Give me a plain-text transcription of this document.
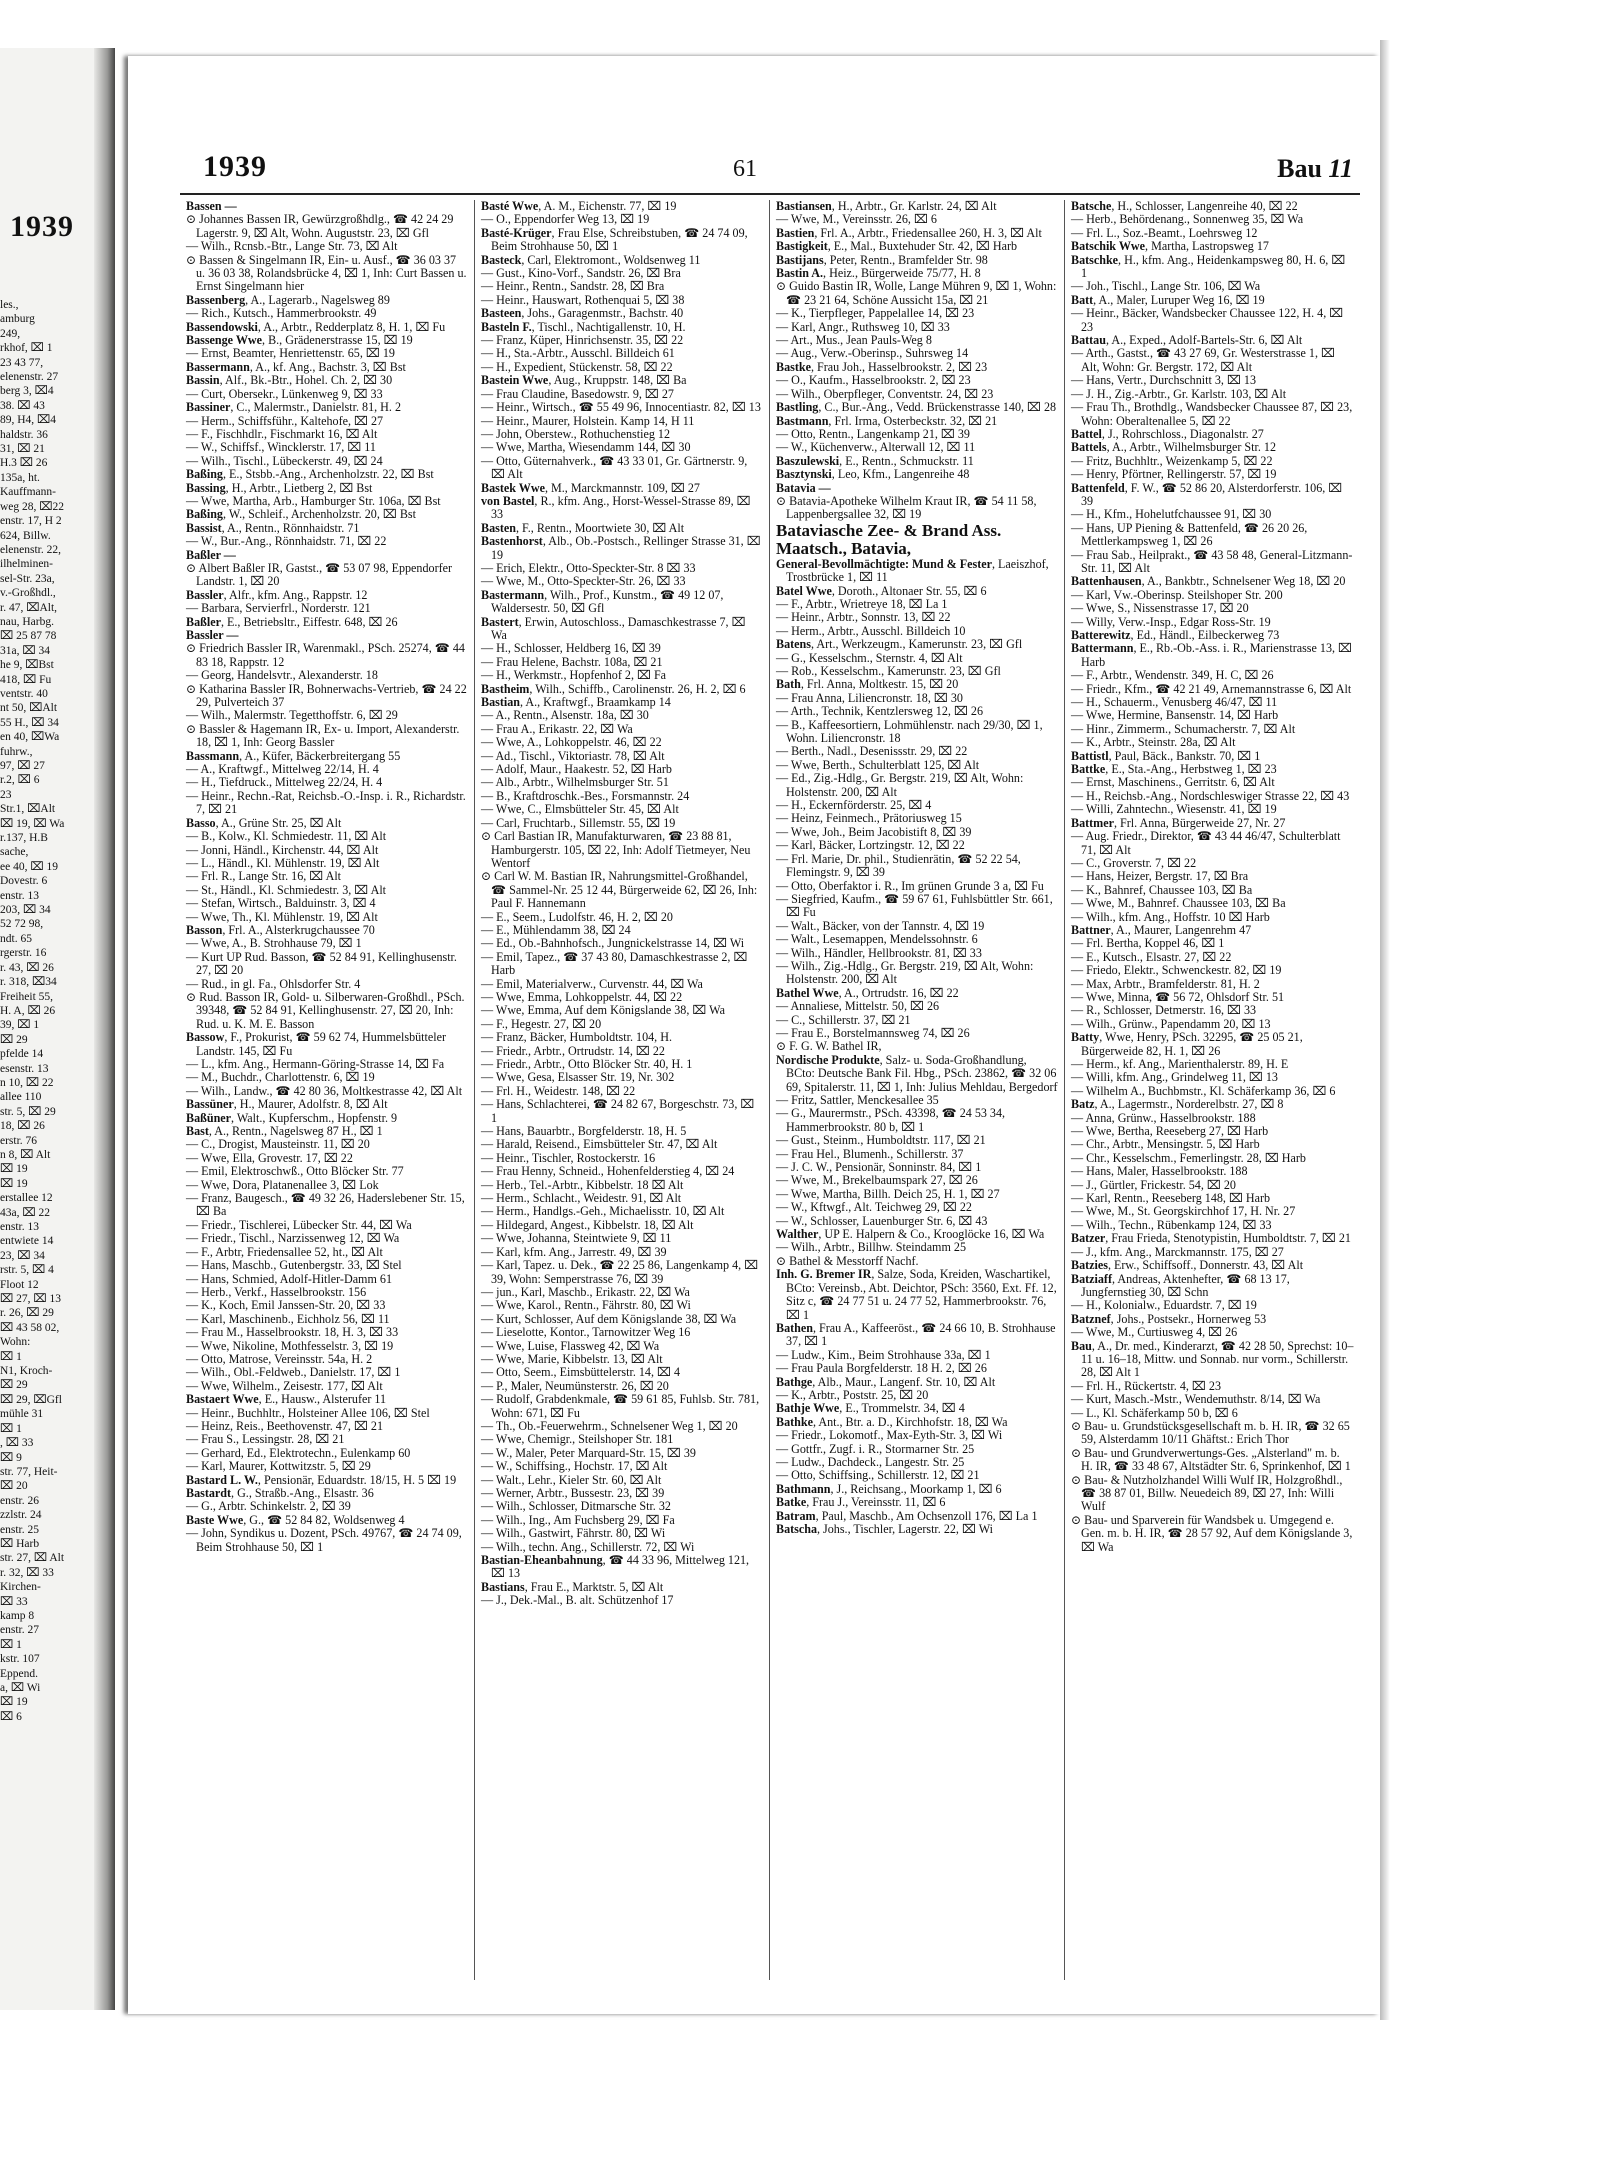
1939
les.,
amburg
249,
rkhof, ⌧ 1
23 43 77,
elenenstr. 27
berg 3, ⌧4
38. ⌧ 43
89, H4, ⌧4
haldstr. 36
31, ⌧ 21
H.3 ⌧ 26
135a, ht.
Kauffmann-
weg 28, ⌧22
enstr. 17, H 2
624, Billw.
elenenstr. 22,
ilhelminen-
sel-Str. 23a,
v.-Großhdl.,
r. 47, ⌧Alt,
nau, Harbg.
⌧ 25 87 78
31a, ⌧ 34
he 9, ⌧Bst
418, ⌧ Fu
ventstr. 40
nt 50, ⌧Alt
55 H., ⌧ 34
en 40, ⌧Wa
fuhrw.,
97, ⌧ 27
r.2, ⌧ 6
23
Str.1, ⌧Alt
⌧ 19, ⌧ Wa
r.137, H.B
sache,
ee 40, ⌧ 19
Dovestr. 6
enstr. 13
203, ⌧ 34
52 72 98,
ndt. 65
rgerstr. 16
r. 43, ⌧ 26
r. 318, ⌧34
Freiheit 55,
H. A, ⌧ 26
39, ⌧ 1
⌧ 29
pfelde 14
esenstr. 13
n 10, ⌧ 22
allee 110
str. 5, ⌧ 29
18, ⌧ 26
erstr. 76
n 8, ⌧ Alt
⌧ 19
⌧ 19
erstallee 12
43a, ⌧ 22
enstr. 13
entwiete 14
23, ⌧ 34
rstr. 5, ⌧ 4
Floot 12
⌧ 27, ⌧ 13
r. 26, ⌧ 29
⌧ 43 58 02,
Wohn:
⌧ 1
N1, Kroch-
⌧ 29
⌧ 29, ⌧Gfl
mühle 31
⌧ 1
, ⌧ 33
⌧ 9
str. 77, Heit-
⌧ 20
enstr. 26
zzlstr. 24
enstr. 25
⌧ Harb
str. 27, ⌧ Alt
r. 32, ⌧ 33
Kirchen-
⌧ 33
kamp 8
enstr. 27
⌧ 1
kstr. 107
Eppend.
a, ⌧ Wi
⌧ 19
⌧ 6
1939	61	Bau 11

Bassen —

⊙ Johannes Bassen IR, Gewürzgroßhdlg., ☎ 42 24 29 Lagerstr. 9, ⌧ Alt, Wohn. Auguststr. 23, ⌧ Gfl

— Wilh., Rcnsb.-Btr., Lange Str. 73, ⌧ Alt

⊙ Bassen & Singelmann IR, Ein- u. Ausf., ☎ 36 03 37 u. 36 03 38, Rolandsbrücke 4, ⌧ 1, Inh: Curt Bassen u. Ernst Singelmann hier

Bassenberg, A., Lagerarb., Nagelsweg 89

— Rich., Kutsch., Hammerbrookstr. 49

Bassendowski, A., Arbtr., Redderplatz 8, H. 1, ⌧ Fu

Bassenge Wwe, B., Grädenerstrasse 15, ⌧ 19

— Ernst, Beamter, Henriettenstr. 65, ⌧ 19

Bassermann, A., kf. Ang., Bachstr. 3, ⌧ Bst

Bassin, Alf., Bk.-Btr., Hohel. Ch. 2, ⌧ 30

— Curt, Obersekr., Lünkenweg 9, ⌧ 33

Bassiner, C., Malermstr., Danielstr. 81, H. 2

— Herm., Schiffsführ., Kaltehofe, ⌧ 27

— F., Fischhdlr., Fischmarkt 16, ⌧ Alt

— W., Schiffsf., Wincklerstr. 17, ⌧ 11

— Wilh., Tischl., Lübeckerstr. 49, ⌧ 24

Baßing, E., Stsbb.-Ang., Archenholzstr. 22, ⌧ Bst

Bassing, H., Arbtr., Lietberg 2, ⌧ Bst

— Wwe, Martha, Arb., Hamburger Str. 106a, ⌧ Bst

Baßing, W., Schleif., Archenholzstr. 20, ⌧ Bst

Bassist, A., Rentn., Rönnhaidstr. 71

— W., Bur.-Ang., Rönnhaidstr. 71, ⌧ 22

Baßler —

⊙ Albert Baßler IR, Gastst., ☎ 53 07 98, Eppendorfer Landstr. 1, ⌧ 20

Bassler, Alfr., kfm. Ang., Rappstr. 12

— Barbara, Servierfrl., Norderstr. 121

Baßler, E., Betriebsltr., Eiffestr. 648, ⌧ 26

Bassler —

⊙ Friedrich Bassler IR, Warenmakl., PSch. 25274, ☎ 44 83 18, Rappstr. 12

— Georg, Handelsvtr., Alexanderstr. 18

⊙ Katharina Bassler IR, Bohnerwachs-Vertrieb, ☎ 24 22 29, Pulverteich 37

— Wilh., Malermstr. Tegetthoffstr. 6, ⌧ 29

⊙ Bassler & Hagemann IR, Ex- u. Import, Alexanderstr. 18, ⌧ 1, Inh: Georg Bassler

Bassmann, A., Küfer, Bäckerbreitergang 55

— A., Kraftwgf., Mittelweg 22/14, H. 4

— H., Tiefdruck., Mittelweg 22/24, H. 4

— Heinr., Rechn.-Rat, Reichsb.-O.-Insp. i. R., Richardstr. 7, ⌧ 21

Basso, A., Grüne Str. 25, ⌧ Alt

— B., Kolw., Kl. Schmiedestr. 11, ⌧ Alt

— Jonni, Händl., Kirchenstr. 44, ⌧ Alt

— L., Händl., Kl. Mühlenstr. 19, ⌧ Alt

— Frl. R., Lange Str. 16, ⌧ Alt

— St., Händl., Kl. Schmiedestr. 3, ⌧ Alt

— Stefan, Wirtsch., Balduinstr. 3, ⌧ 4

— Wwe, Th., Kl. Mühlenstr. 19, ⌧ Alt

Basson, Frl. A., Alsterkrugchaussee 70

— Wwe, A., B. Strohhause 79, ⌧ 1

— Kurt UP Rud. Basson, ☎ 52 84 91, Kellinghusenstr. 27, ⌧ 20

— Rud., in gl. Fa., Ohlsdorfer Str. 4

⊙ Rud. Basson IR, Gold- u. Silberwaren-Großhdl., PSch. 39348, ☎ 52 84 91, Kellinghusenstr. 27, ⌧ 20, Inh: Rud. u. K. M. E. Basson

Bassow, F., Prokurist, ☎ 59 62 74, Hummelsbütteler Landstr. 145, ⌧ Fu

— L., kfm. Ang., Hermann-Göring-Strasse 14, ⌧ Fa

— M., Buchdr., Charlottenstr. 6, ⌧ 19

— Wilh., Landw., ☎ 42 80 36, Moltkestrasse 42, ⌧ Alt

Bassüner, H., Maurer, Adolfstr. 8, ⌧ Alt

Baßüner, Walt., Kupferschm., Hopfenstr. 9

Bast, A., Rentn., Nagelsweg 87 H., ⌧ 1

— C., Drogist, Mausteinstr. 11, ⌧ 20

— Wwe, Ella, Grovestr. 17, ⌧ 22

— Emil, Elektroschwß., Otto Blöcker Str. 77

— Wwe, Dora, Platanenallee 3, ⌧ Lok

— Franz, Baugesch., ☎ 49 32 26, Haderslebener Str. 15, ⌧ Ba

— Friedr., Tischlerei, Lübecker Str. 44, ⌧ Wa

— Friedr., Tischl., Narzissenweg 12, ⌧ Wa

— F., Arbtr, Friedensallee 52, ht., ⌧ Alt

— Hans, Maschb., Gutenbergstr. 33, ⌧ Stel

— Hans, Schmied, Adolf-Hitler-Damm 61

— Herb., Verkf., Hasselbrookstr. 156

— K., Koch, Emil Janssen-Str. 20, ⌧ 33

— Karl, Maschinenb., Eichholz 56, ⌧ 11

— Frau M., Hasselbrookstr. 18, H. 3, ⌧ 33

— Wwe, Nikoline, Mothfesselstr. 3, ⌧ 19

— Otto, Matrose, Vereinsstr. 54a, H. 2

— Wilh., Obl.-Feldweb., Danielstr. 17, ⌧ 1

— Wwe, Wilhelm., Zeisestr. 177, ⌧ Alt

Bastaert Wwe, E., Hausw., Alsterufer 11

— Heinr., Buchhltr., Holsteiner Allee 106, ⌧ Stel

— Heinz, Reis., Beethovenstr. 47, ⌧ 21

— Frau S., Lessingstr. 28, ⌧ 21

— Gerhard, Ed., Elektrotechn., Eulenkamp 60

— Karl, Maurer, Kottwitzstr. 5, ⌧ 29

Bastard L. W., Pensionär, Eduardstr. 18/15, H. 5 ⌧ 19

Bastardt, G., Straßb.-Ang., Elsastr. 36

— G., Arbtr. Schinkelstr. 2, ⌧ 39

Baste Wwe, G., ☎ 52 84 82, Woldsenweg 4

— John, Syndikus u. Dozent, PSch. 49767, ☎ 24 74 09, Beim Strohhause 50, ⌧ 1

Basté Wwe, A. M., Eichenstr. 77, ⌧ 19

— O., Eppendorfer Weg 13, ⌧ 19

Basté-Krüger, Frau Else, Schreibstuben, ☎ 24 74 09, Beim Strohhause 50, ⌧ 1

Basteck, Carl, Elektromont., Woldsenweg 11

— Gust., Kino-Vorf., Sandstr. 26, ⌧ Bra

— Heinr., Rentn., Sandstr. 28, ⌧ Bra

— Heinr., Hauswart, Rothenquai 5, ⌧ 38

Basteen, Johs., Garagenmstr., Bachstr. 40

Basteln F., Tischl., Nachtigallenstr. 10, H.

— Franz, Küper, Hinrichsenstr. 35, ⌧ 22

— H., Sta.-Arbtr., Ausschl. Billdeich 61

— H., Expedient, Stückenstr. 58, ⌧ 22

Bastein Wwe, Aug., Kruppstr. 148, ⌧ Ba

— Frau Claudine, Basedowstr. 9, ⌧ 27

— Heinr., Wirtsch., ☎ 55 49 96, Innocentiastr. 82, ⌧ 13

— Heinr., Maurer, Holstein. Kamp 14, H 11

— John, Oberstew., Rothuchenstieg 12

— Wwe, Martha, Wiesendamm 144, ⌧ 30

— Otto, Güternahverk., ☎ 43 33 01, Gr. Gärtnerstr. 9, ⌧ Alt

Bastek Wwe, M., Marckmannstr. 109, ⌧ 27

von Bastel, R., kfm. Ang., Horst-Wessel-Strasse 89, ⌧ 33

Basten, F., Rentn., Moortwiete 30, ⌧ Alt

Bastenhorst, Alb., Ob.-Postsch., Rellinger Strasse 31, ⌧ 19

— Erich, Elektr., Otto-Speckter-Str. 8 ⌧ 33

— Wwe, M., Otto-Speckter-Str. 26, ⌧ 33

Bastermann, Wilh., Prof., Kunstm., ☎ 49 12 07, Waldersestr. 50, ⌧ Gfl

Bastert, Erwin, Autoschloss., Damaschkestrasse 7, ⌧ Wa

— H., Schlosser, Heldberg 16, ⌧ 39

— Frau Helene, Bachstr. 108a, ⌧ 21

— H., Werkmstr., Hopfenhof 2, ⌧ Fa

Bastheim, Wilh., Schiffb., Carolinenstr. 26, H. 2, ⌧ 6

Bastian, A., Kraftwgf., Braamkamp 14

— A., Rentn., Alsenstr. 18a, ⌧ 30

— Frau A., Erikastr. 22, ⌧ Wa

— Wwe, A., Lohkoppelstr. 46, ⌧ 22

— Ad., Tischl., Viktoriastr. 78, ⌧ Alt

— Adolf, Maur., Haakestr. 52, ⌧ Harb

— Alb., Arbtr., Wilhelmsburger Str. 51

— B., Kraftdroschk.-Bes., Forsmannstr. 24

— Wwe, C., Elmsbütteler Str. 45, ⌧ Alt

— Carl, Fruchtarb., Sillemstr. 55, ⌧ 19

⊙ Carl Bastian IR, Manufakturwaren, ☎ 23 88 81, Hamburgerstr. 105, ⌧ 22, Inh: Adolf Tietmeyer, Neu Wentorf

⊙ Carl W. M. Bastian IR, Nahrungsmittel-Großhandel, ☎ Sammel-Nr. 25 12 44, Bürgerweide 62, ⌧ 26, Inh: Paul F. Hannemann

— E., Seem., Ludolfstr. 46, H. 2, ⌧ 20

— E., Mühlendamm 38, ⌧ 24

— Ed., Ob.-Bahnhofsch., Jungnickelstrasse 14, ⌧ Wi

— Emil, Tapez., ☎ 37 43 80, Damaschkestrasse 2, ⌧ Harb

— Emil, Materialverw., Curvenstr. 44, ⌧ Wa

— Wwe, Emma, Lohkoppelstr. 44, ⌧ 22

— Wwe, Emma, Auf dem Königslande 38, ⌧ Wa

— F., Hegestr. 27, ⌧ 20

— Franz, Bäcker, Humboldtstr. 104, H.

— Friedr., Arbtr., Ortrudstr. 14, ⌧ 22

— Friedr., Arbtr., Otto Blöcker Str. 40, H. 1

— Wwe, Gesa, Elsasser Str. 19, Nr. 302

— Frl. H., Weidestr. 148, ⌧ 22

— Hans, Schlachterei, ☎ 24 82 67, Borgeschstr. 73, ⌧ 1

— Hans, Bauarbtr., Borgfelderstr. 18, H. 5

— Harald, Reisend., Eimsbütteler Str. 47, ⌧ Alt

— Heinr., Tischler, Rostockerstr. 16

— Frau Henny, Schneid., Hohenfelderstieg 4, ⌧ 24

— Herb., Tel.-Arbtr., Kibbelstr. 18 ⌧ Alt

— Herm., Schlacht., Weidestr. 91, ⌧ Alt

— Herm., Handlgs.-Geh., Michaelisstr. 10, ⌧ Alt

— Hildegard, Angest., Kibbelstr. 18, ⌧ Alt

— Wwe, Johanna, Steintwiete 9, ⌧ 11

— Karl, kfm. Ang., Jarrestr. 49, ⌧ 39

— Karl, Tapez. u. Dek., ☎ 22 25 86, Langenkamp 4, ⌧ 39, Wohn: Semperstrasse 76, ⌧ 39

— jun., Karl, Maschb., Erikastr. 22, ⌧ Wa

— Wwe, Karol., Rentn., Fährstr. 80, ⌧ Wi

— Kurt, Schlosser, Auf dem Königslande 38, ⌧ Wa

— Lieselotte, Kontor., Tarnowitzer Weg 16

— Wwe, Luise, Flassweg 42, ⌧ Wa

— Wwe, Marie, Kibbelstr. 13, ⌧ Alt

— Otto, Seem., Eimsbüttelerstr. 14, ⌧ 4

— P., Maler, Neumünsterstr. 26, ⌧ 20

— Rudolf, Grabdenkmale, ☎ 59 61 85, Fuhlsb. Str. 781, Wohn: 671, ⌧ Fu

— Th., Ob.-Feuerwehrm., Schnelsener Weg 1, ⌧ 20

— Wwe, Chemigr., Steilshoper Str. 181

— W., Maler, Peter Marquard-Str. 15, ⌧ 39

— W., Schiffsing., Hochstr. 17, ⌧ Alt

— Walt., Lehr., Kieler Str. 60, ⌧ Alt

— Werner, Arbtr., Bussestr. 23, ⌧ 39

— Wilh., Schlosser, Ditmarsche Str. 32

— Wilh., Ing., Am Fuchsberg 29, ⌧ Fa

— Wilh., Gastwirt, Fährstr. 80, ⌧ Wi

— Wilh., techn. Ang., Schillerstr. 72, ⌧ Wi

Bastian-Eheanbahnung, ☎ 44 33 96, Mittelweg 121, ⌧ 13

Bastians, Frau E., Marktstr. 5, ⌧ Alt

— J., Dek.-Mal., B. alt. Schützenhof 17

Bastiansen, H., Arbtr., Gr. Karlstr. 24, ⌧ Alt

— Wwe, M., Vereinsstr. 26, ⌧ 6

Bastien, Frl. A., Arbtr., Friedensallee 260, H. 3, ⌧ Alt

Bastigkeit, E., Mal., Buxtehuder Str. 42, ⌧ Harb

Bastijans, Peter, Rentn., Bramfelder Str. 98

Bastin A., Heiz., Bürgerweide 75/77, H. 8

⊙ Guido Bastin IR, Wolle, Lange Mühren 9, ⌧ 1, Wohn: ☎ 23 21 64, Schöne Aussicht 15a, ⌧ 21

— K., Tierpfleger, Pappelallee 14, ⌧ 23

— Karl, Angr., Ruthsweg 10, ⌧ 33

— Art., Mus., Jean Pauls-Weg 8

— Aug., Verw.-Oberinsp., Suhrsweg 14

Bastke, Frau Joh., Hasselbrookstr. 2, ⌧ 23

— O., Kaufm., Hasselbrookstr. 2, ⌧ 23

— Wilh., Oberpfleger, Conventstr. 24, ⌧ 23

Bastling, C., Bur.-Ang., Vedd. Brückenstrasse 140, ⌧ 28

Bastmann, Frl. Irma, Osterbeckstr. 32, ⌧ 21

— Otto, Rentn., Langenkamp 21, ⌧ 39

— W., Küchenverw., Alterwall 12, ⌧ 11

Baszulewski, E., Rentn., Schmuckstr. 11

Basztynski, Leo, Kfm., Langenreihe 48

Batavia —

⊙ Batavia-Apotheke Wilhelm Kraut IR, ☎ 54 11 58, Lappenbergsallee 32, ⌧ 19

Bataviasche Zee- & Brand Ass. Maatsch., Batavia,

General-Bevollmächtigte: Mund & Fester, Laeiszhof, Trostbrücke 1, ⌧ 11

Batel Wwe, Doroth., Altonaer Str. 55, ⌧ 6

— F., Arbtr., Wrietreye 18, ⌧ La 1

— Heinr., Arbtr., Sonnstr. 13, ⌧ 22

— Herm., Arbtr., Ausschl. Billdeich 10

Batens, Art., Werkzeugm., Kamerunstr. 23, ⌧ Gfl

— G., Kesselschm., Sternstr. 4, ⌧ Alt

— Rob., Kesselschm., Kamerunstr. 23, ⌧ Gfl

Bath, Frl. Anna, Moltkestr. 15, ⌧ 20

— Frau Anna, Liliencronstr. 18, ⌧ 30

— Arth., Technik, Kentzlersweg 12, ⌧ 26

— B., Kaffeesortiern, Lohmühlenstr. nach 29/30, ⌧ 1, Wohn. Liliencronstr. 18

— Berth., Nadl., Desenissstr. 29, ⌧ 22

— Wwe, Berth., Schulterblatt 125, ⌧ Alt

— Ed., Zig.-Hdlg., Gr. Bergstr. 219, ⌧ Alt, Wohn: Holstenstr. 200, ⌧ Alt

— H., Eckernförderstr. 25, ⌧ 4

— Heinz, Feinmech., Prätoriusweg 15

— Wwe, Joh., Beim Jacobistift 8, ⌧ 39

— Karl, Bäcker, Lortzingstr. 12, ⌧ 22

— Frl. Marie, Dr. phil., Studienrätin, ☎ 52 22 54, Flemingstr. 9, ⌧ 39

— Otto, Oberfaktor i. R., Im grünen Grunde 3 a, ⌧ Fu

— Siegfried, Kaufm., ☎ 59 67 61, Fuhlsbüttler Str. 661, ⌧ Fu

— Walt., Bäcker, von der Tannstr. 4, ⌧ 19

— Walt., Lesemappen, Mendelssohnstr. 6

— Wilh., Händler, Hellbrookstr. 81, ⌧ 33

— Wilh., Zig.-Hdlg., Gr. Bergstr. 219, ⌧ Alt, Wohn: Holstenstr. 200, ⌧ Alt

Bathel Wwe, A., Ortrudstr. 16, ⌧ 22

— Annaliese, Mittelstr. 50, ⌧ 26

— C., Schillerstr. 37, ⌧ 21

— Frau E., Borstelmannsweg 74, ⌧ 26

⊙ F. G. W. Bathel IR,

Nordische Produkte, Salz- u. Soda-Großhandlung, BCto: Deutsche Bank Fil. Hbg., PSch. 23862, ☎ 32 06 69, Spitalerstr. 11, ⌧ 1, Inh: Julius Mehldau, Bergedorf

— Fritz, Sattler, Menckesallee 35

— G., Maurermstr., PSch. 43398, ☎ 24 53 34, Hammerbrookstr. 80 b, ⌧ 1

— Gust., Steinm., Humboldtstr. 117, ⌧ 21

— Frau Hel., Blumenh., Schillerstr. 37

— J. C. W., Pensionär, Sonninstr. 84, ⌧ 1

— Wwe, M., Brekelbaumspark 27, ⌧ 26

— Wwe, Martha, Billh. Deich 25, H. 1, ⌧ 27

— W., Kftwgf., Alt. Teichweg 29, ⌧ 22

— W., Schlosser, Lauenburger Str. 6, ⌧ 43

Walther, UP E. Halpern & Co., Krooglöcke 16, ⌧ Wa

— Wilh., Arbtr., Billhw. Steindamm 25

⊙ Bathel & Messtorff Nachf.

Inh. G. Bremer IR, Salze, Soda, Kreiden, Waschartikel, BCto: Vereinsb., Abt. Deichtor, PSch: 3560, Ext. Ff. 12, Sitz c, ☎ 24 77 51 u. 24 77 52, Hammerbrookstr. 76, ⌧ 1

Bathen, Frau A., Kaffeeröst., ☎ 24 66 10, B. Strohhause 37, ⌧ 1

— Ludw., Kim., Beim Strohhause 33a, ⌧ 1

— Frau Paula Borgfelderstr. 18 H. 2, ⌧ 26

Bathge, Alb., Maur., Langenf. Str. 10, ⌧ Alt

— K., Arbtr., Poststr. 25, ⌧ 20

Bathje Wwe, E., Trommelstr. 34, ⌧ 4

Bathke, Ant., Btr. a. D., Kirchhofstr. 18, ⌧ Wa

— Friedr., Lokomotf., Max-Eyth-Str. 3, ⌧ Wi

— Gottfr., Zugf. i. R., Stormarner Str. 25

— Ludw., Dachdeck., Langestr. Str. 25

— Otto, Schiffsing., Schillerstr. 12, ⌧ 21

Bathmann, J., Reichsang., Moorkamp 1, ⌧ 6

Batke, Frau J., Vereinsstr. 11, ⌧ 6

Batram, Paul, Maschb., Am Ochsenzoll 176, ⌧ La 1

Batscha, Johs., Tischler, Lagerstr. 22, ⌧ Wi

Batsche, H., Schlosser, Langenreihe 40, ⌧ 22

— Herb., Behördenang., Sonnenweg 35, ⌧ Wa

— Frl. L., Soz.-Beamt., Loehrsweg 12

Batschik Wwe, Martha, Lastropsweg 17

Batschke, H., kfm. Ang., Heidenkampsweg 80, H. 6, ⌧ 1

— Joh., Tischl., Lange Str. 106, ⌧ Wa

Batt, A., Maler, Luruper Weg 16, ⌧ 19

— Heinr., Bäcker, Wandsbecker Chaussee 122, H. 4, ⌧ 23

Battau, A., Exped., Adolf-Bartels-Str. 6, ⌧ Alt

— Arth., Gastst., ☎ 43 27 69, Gr. Westerstrasse 1, ⌧ Alt, Wohn: Gr. Bergstr. 172, ⌧ Alt

— Hans, Vertr., Durchschnitt 3, ⌧ 13

— J. H., Zig.-Arbtr., Gr. Karlstr. 103, ⌧ Alt

— Frau Th., Brothdlg., Wandsbecker Chaussee 87, ⌧ 23, Wohn: Oberaltenallee 5, ⌧ 22

Battel, J., Rohrschloss., Diagonalstr. 27

Battels, A., Arbtr., Wilhelmsburger Str. 12

— Fritz, Buchhltr., Weizenkamp 5, ⌧ 22

— Henry, Pförtner, Rellingerstr. 57, ⌧ 19

Battenfeld, F. W., ☎ 52 86 20, Alsterdorferstr. 106, ⌧ 39

— H., Kfm., Hohelutfchaussee 91, ⌧ 30

— Hans, UP Piening & Battenfeld, ☎ 26 20 26, Mettlerkampsweg 1, ⌧ 26

— Frau Sab., Heilprakt., ☎ 43 58 48, General-Litzmann-Str. 11, ⌧ Alt

Battenhausen, A., Bankbtr., Schnelsener Weg 18, ⌧ 20

— Karl, Vw.-Oberinsp. Steilshoper Str. 200

— Wwe, S., Nissenstrasse 17, ⌧ 20

— Willy, Verw.-Insp., Edgar Ross-Str. 19

Batterewitz, Ed., Händl., Eilbeckerweg 73

Battermann, E., Rb.-Ob.-Ass. i. R., Marienstrasse 13, ⌧ Harb

— F., Arbtr., Wendenstr. 349, H. C, ⌧ 26

— Friedr., Kfm., ☎ 42 21 49, Arnemannstrasse 6, ⌧ Alt

— H., Schauerm., Venusberg 46/47, ⌧ 11

— Wwe, Hermine, Bansenstr. 14, ⌧ Harb

— Hinr., Zimmerm., Schumacherstr. 7, ⌧ Alt

— K., Arbtr., Steinstr. 28a, ⌧ Alt

Battistl, Paul, Bäck., Bankstr. 70, ⌧ 1

Battke, E., Sta.-Ang., Herbstweg 1, ⌧ 23

— Ernst, Maschinens., Gerritstr. 6, ⌧ Alt

— H., Reichsb.-Ang., Nordschleswiger Strasse 22, ⌧ 43

— Willi, Zahntechn., Wiesenstr. 41, ⌧ 19

Battmer, Frl. Anna, Bürgerweide 27, Nr. 27

— Aug. Friedr., Direktor, ☎ 43 44 46/47, Schulterblatt 71, ⌧ Alt

— C., Groverstr. 7, ⌧ 22

— Hans, Heizer, Bergstr. 17, ⌧ Bra

— K., Bahnref, Chaussee 103, ⌧ Ba

— Wwe, M., Bahnref. Chaussee 103, ⌧ Ba

— Wilh., kfm. Ang., Hoffstr. 10 ⌧ Harb

Battner, A., Maurer, Langenrehm 47

— Frl. Bertha, Koppel 46, ⌧ 1

— E., Kutsch., Elsastr. 27, ⌧ 22

— Friedo, Elektr., Schwenckestr. 82, ⌧ 19

— Max, Arbtr., Bramfelderstr. 81, H. 2

— Wwe, Minna, ☎ 56 72, Ohlsdorf Str. 51

— R., Schlosser, Detmerstr. 16, ⌧ 33

— Wilh., Grünw., Papendamm 20, ⌧ 13

Batty, Wwe, Henry, PSch. 32295, ☎ 25 05 21, Bürgerweide 82, H. 1, ⌧ 26

— Herm., kf. Ang., Marienthalerstr. 89, H. E

— Willi, kfm. Ang., Grindelweg 11, ⌧ 13

— Wilhelm A., Buchbmstr., Kl. Schäferkamp 36, ⌧ 6

Batz, A., Lagermstr., Norderelbstr. 27, ⌧ 8

— Anna, Grünw., Hasselbrookstr. 188

— Wwe, Bertha, Reeseberg 27, ⌧ Harb

— Chr., Arbtr., Mensingstr. 5, ⌧ Harb

— Chr., Kesselschm., Femerlingstr. 28, ⌧ Harb

— Hans, Maler, Hasselbrookstr. 188

— J., Gürtler, Frickestr. 54, ⌧ 20

— Karl, Rentn., Reeseberg 148, ⌧ Harb

— Wwe, M., St. Georgskirchhof 17, H. Nr. 27

— Wilh., Techn., Rübenkamp 124, ⌧ 33

Batzer, Frau Frieda, Stenotypistin, Humboldtstr. 7, ⌧ 21

— J., kfm. Ang., Marckmannstr. 175, ⌧ 27

Batzies, Erw., Schiffsoff., Donnerstr. 43, ⌧ Alt

Batziaff, Andreas, Aktenhefter, ☎ 68 13 17, Jungfernstieg 30, ⌧ Schn

— H., Kolonialw., Eduardstr. 7, ⌧ 19

Batznef, Johs., Postsekr., Hornerweg 53

— Wwe, M., Curtiusweg 4, ⌧ 26

Bau, A., Dr. med., Kinderarzt, ☎ 42 28 50, Sprechst: 10–11 u. 16–18, Mittw. und Sonnab. nur vorm., Schillerstr. 28, ⌧ Alt 1

— Frl. H., Rückertstr. 4, ⌧ 23

— Kurt, Masch.-Mstr., Wendemuthstr. 8/14, ⌧ Wa

— L., Kl. Schäferkamp 50 b, ⌧ 6

⊙ Bau- u. Grundstücksgesellschaft m. b. H. IR, ☎ 32 65 59, Alsterdamm 10/11 Ghäftst.: Erich Thor

⊙ Bau- und Grundverwertungs-Ges. „Alsterland" m. b. H. IR, ☎ 33 48 67, Altstädter Str. 6, Sprinkenhof, ⌧ 1

⊙ Bau- & Nutzholzhandel Willi Wulf IR, Holzgroßhdl., ☎ 38 87 01, Billw. Neuedeich 89, ⌧ 27, Inh: Willi Wulf

⊙ Bau- und Sparverein für Wandsbek u. Umgegend e. Gen. m. b. H. IR, ☎ 28 57 92, Auf dem Königslande 3, ⌧ Wa
